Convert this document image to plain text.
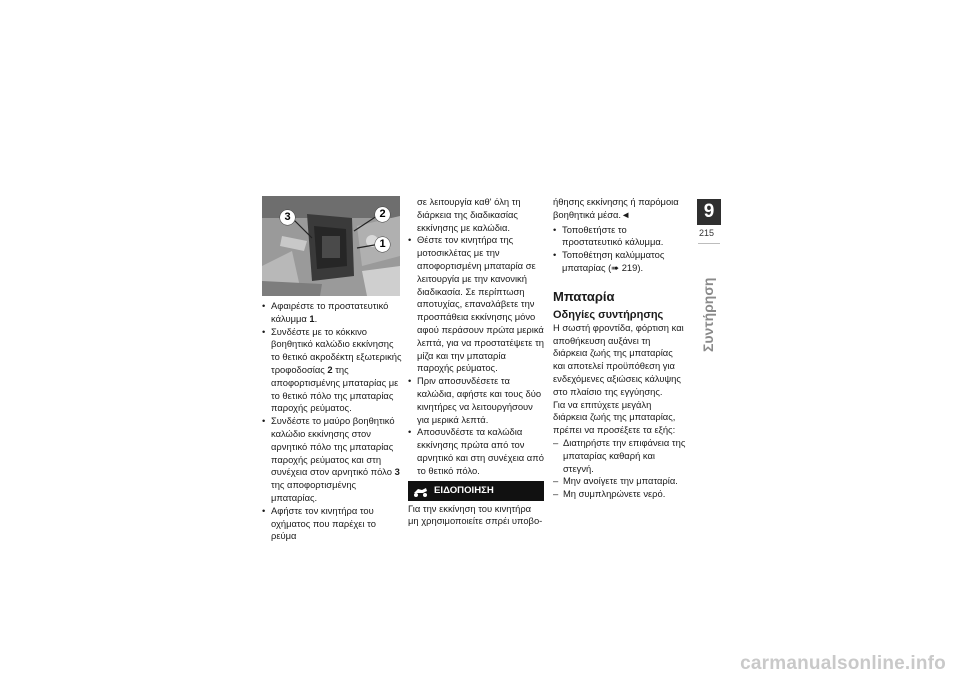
3	2
1
• Αφαιρέστε το προστατευτικό κάλυμμα 1.
• Συνδέστε με το κόκκινο βοηθητικό καλώδιο εκκίνησης το θετικό ακροδέκτη εξωτερικής τροφοδοσίας 2 της αποφορτισμένης μπαταρίας με το θετικό πόλο της μπαταρίας παροχής ρεύματος.
• Συνδέστε το μαύρο βοηθητικό καλώδιο εκκίνησης στον αρνητικό πόλο της μπαταρίας παροχής ρεύματος και στη συνέχεια στον αρνητικό πόλο 3 της αποφορτισμένης μπαταρίας.
• Αφήστε τον κινητήρα του οχήματος που παρέχει το ρεύμα

σε λειτουργία καθ' όλη τη διάρκεια της διαδικασίας εκκίνησης με καλώδια.

• Θέστε τον κινητήρα της μοτοσικλέτας με την αποφορτισμένη μπαταρία σε λειτουργία με την κανονική διαδικασία. Σε περίπτωση αποτυχίας, επαναλάβετε την προσπάθεια εκκίνησης μόνο αφού περάσουν πρώτα μερικά λεπτά, για να προστατέψετε τη μίζα και την μπαταρία παροχής ρεύματος.
• Πριν αποσυνδέσετε τα καλώδια, αφήστε και τους δύο κινητήρες να λειτουργήσουν για μερικά λεπτά.
• Αποσυνδέστε τα καλώδια εκκίνησης πρώτα από τον αρνητικό και στη συνέχεια από το θετικό πόλο.
ΕΙΔΟΠΟΙΗΣΗ

Για την εκκίνηση του κινητήρα μη χρησιμοποιείτε σπρέι υποβο-

ήθησης εκκίνησης ή παρόμοια βοηθητικά μέσα.◄

• Τοποθετήστε το προστατευτικό κάλυμμα.
• Τοποθέτηση καλύμματος μπαταρίας (➠ 219).
Μπαταρία
Οδηγίες συντήρησης

Η σωστή φροντίδα, φόρτιση και αποθήκευση αυξάνει τη διάρκεια ζωής της μπαταρίας και αποτελεί προϋπόθεση για ενδεχόμενες αξιώσεις κάλυψης στο πλαίσιο της εγγύησης.

Για να επιτύχετε μεγάλη διάρκεια ζωής της μπαταρίας, πρέπει να προσέξετε τα εξής:

– Διατηρήστε την επιφάνεια της μπαταρίας καθαρή και στεγνή.
– Μην ανοίγετε την μπαταρία.
– Μη συμπληρώνετε νερό.
9
215
Συντήρηση
carmanualsonline.info
